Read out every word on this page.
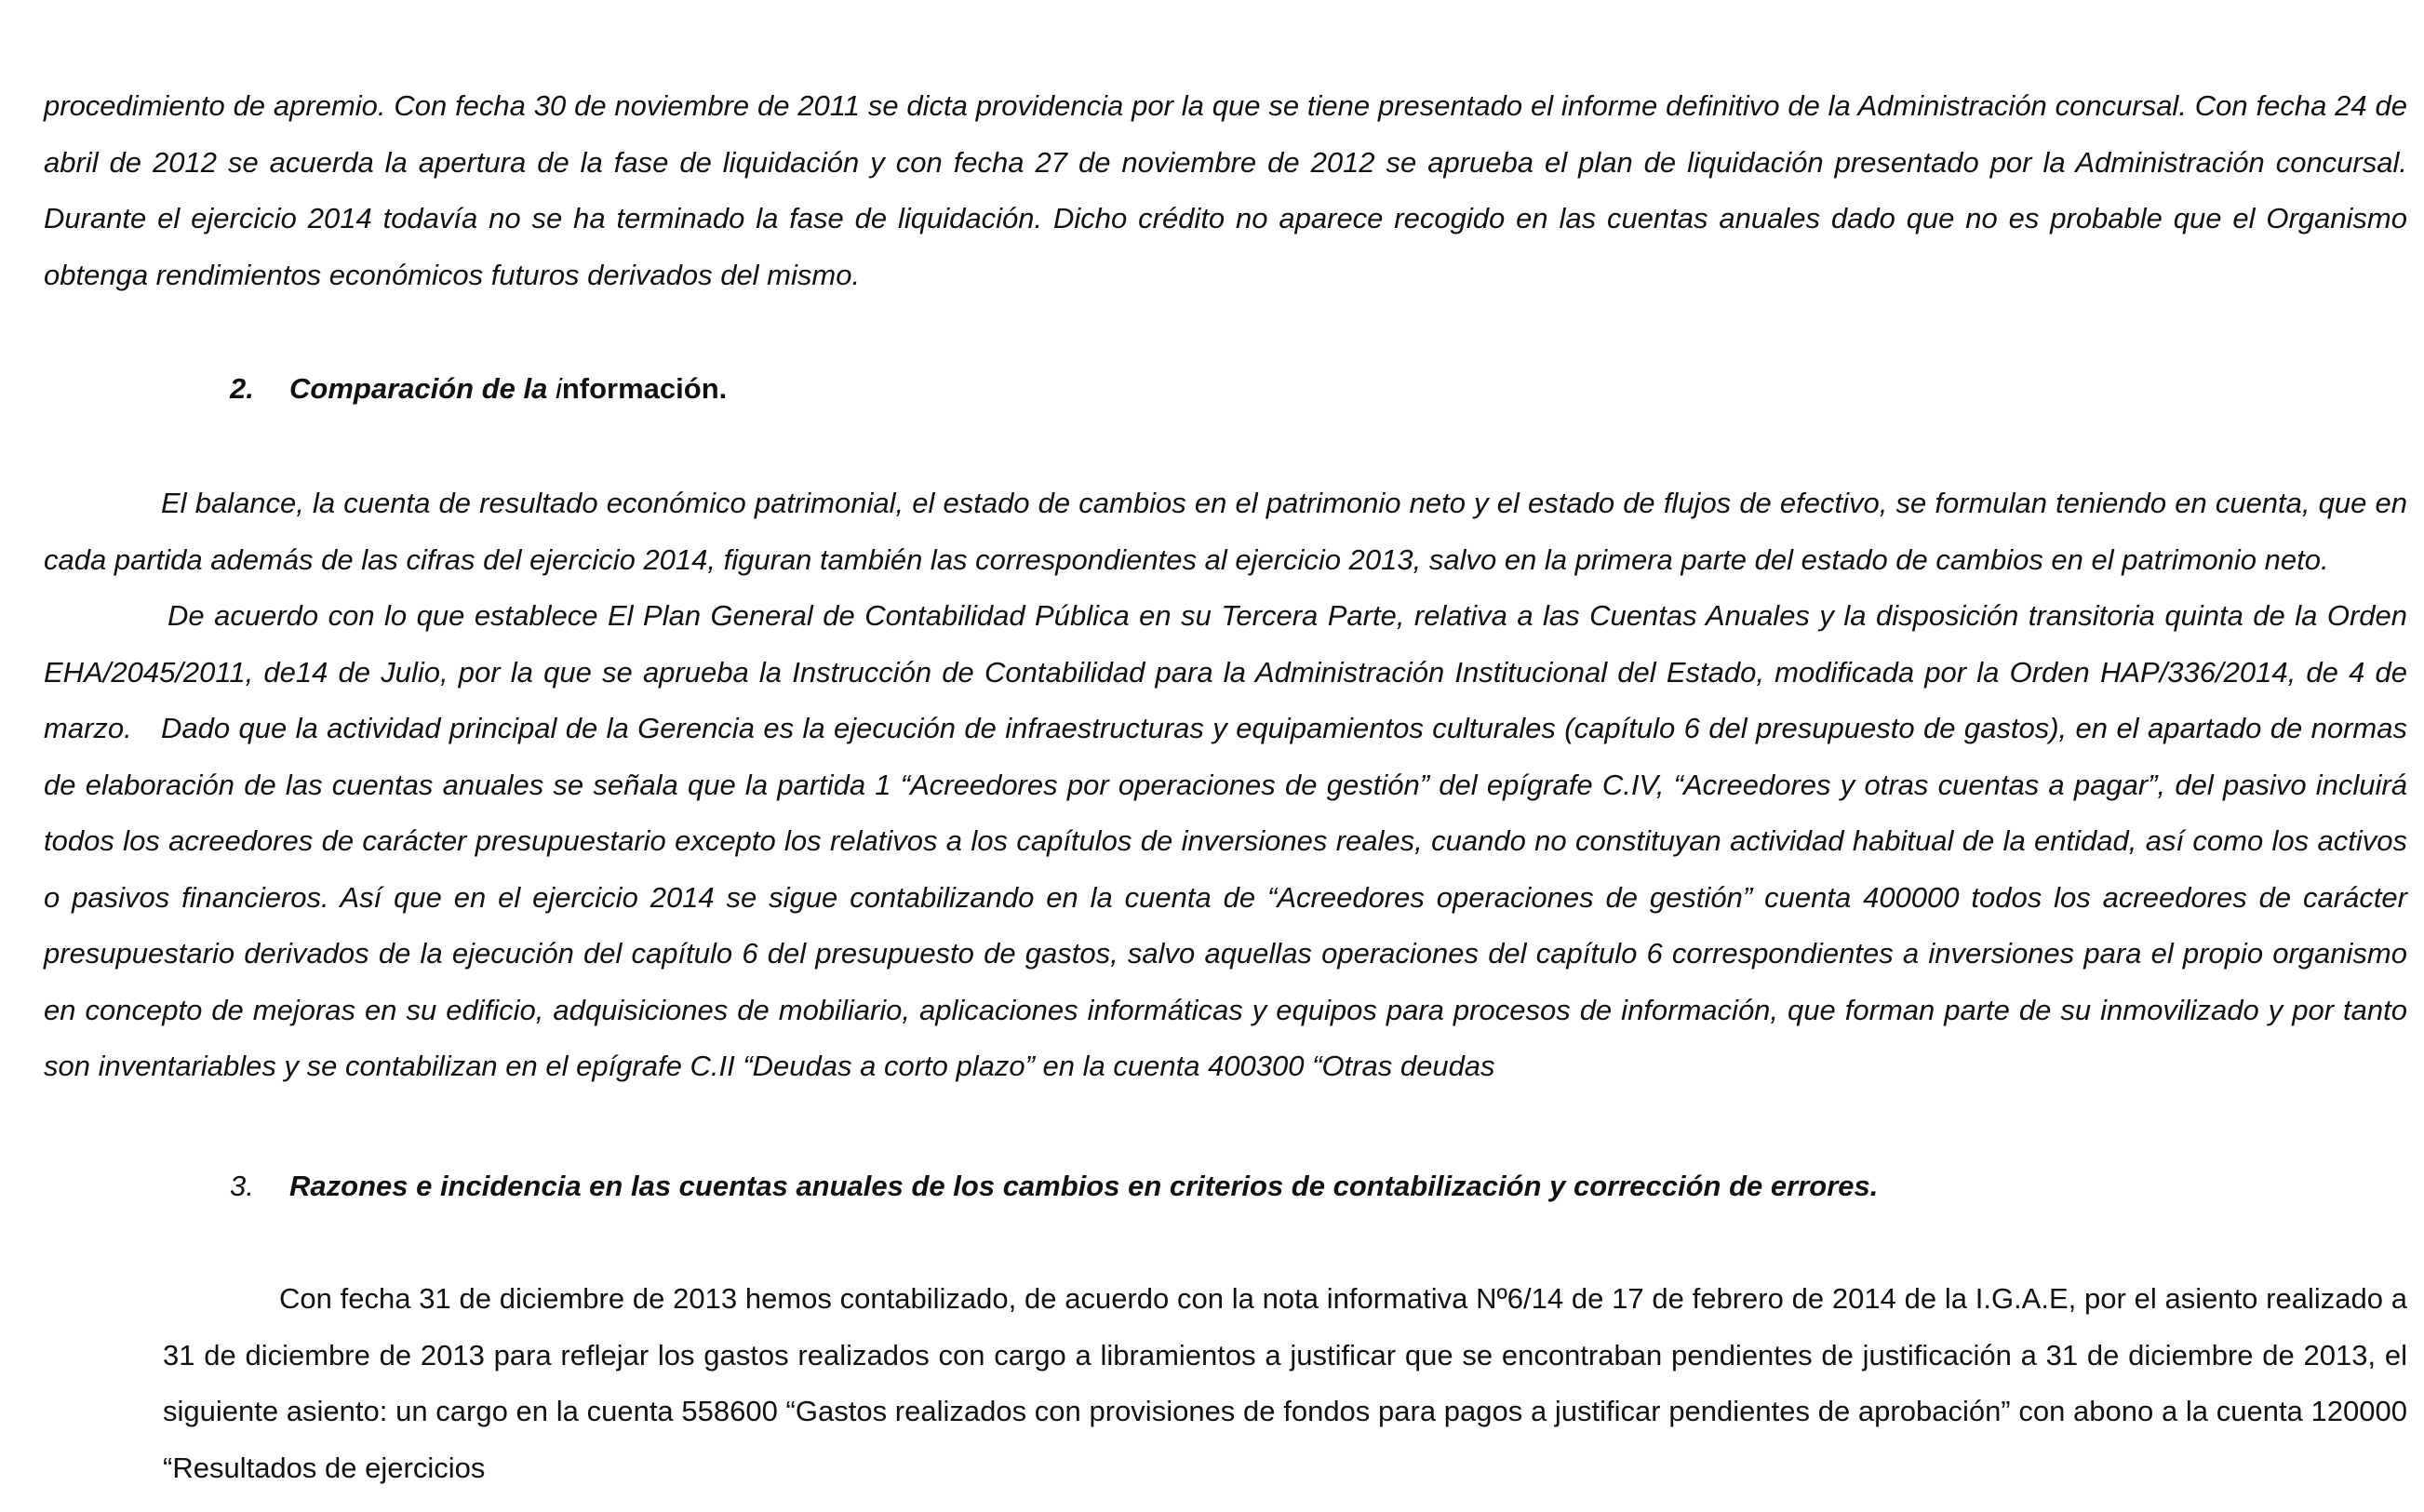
procedimiento de apremio. Con fecha 30 de noviembre de 2011 se dicta providencia por la que se tiene presentado el informe definitivo de la Administración concursal. Con fecha 24 de abril de 2012 se acuerda la apertura de la fase de liquidación y con fecha 27 de noviembre de 2012 se aprueba el plan de liquidación presentado por la Administración concursal. Durante el ejercicio 2014 todavía no se ha terminado la fase de liquidación. Dicho crédito no aparece recogido en las cuentas anuales dado que no es probable que el Organismo obtenga rendimientos económicos futuros derivados del mismo.

2. Comparación de la información.

El balance, la cuenta de resultado económico patrimonial, el estado de cambios en el patrimonio neto y el estado de flujos de efectivo, se formulan teniendo en cuenta, que en cada partida además de las cifras del ejercicio 2014, figuran también las correspondientes al ejercicio 2013, salvo en la primera parte del estado de cambios en el patrimonio neto.

De acuerdo con lo que establece El Plan General de Contabilidad Pública en su Tercera Parte, relativa a las Cuentas Anuales y la disposición transitoria quinta de la Orden EHA/2045/2011, de14 de Julio, por la que se aprueba la Instrucción de Contabilidad para la Administración Institucional del Estado, modificada por la Orden HAP/336/2014, de 4 de marzo.	Dado que la actividad principal de la Gerencia es la ejecución de infraestructuras y equipamientos culturales (capítulo 6 del presupuesto de gastos), en el apartado de normas de elaboración de las cuentas anuales se señala que la partida 1 “Acreedores por operaciones de gestión” del epígrafe C.IV, “Acreedores y otras cuentas a pagar”, del pasivo incluirá todos los acreedores de carácter presupuestario excepto los relativos a los capítulos de inversiones reales, cuando no constituyan actividad habitual de la entidad, así como los activos o pasivos financieros. Así que en el ejercicio 2014 se sigue contabilizando en la cuenta de “Acreedores operaciones de gestión” cuenta 400000 todos los acreedores de carácter presupuestario derivados de la ejecución del capítulo 6 del presupuesto de gastos, salvo aquellas operaciones del capítulo 6 correspondientes a inversiones para el propio organismo en concepto de mejoras en su edificio, adquisiciones de mobiliario, aplicaciones informáticas y equipos para procesos de información, que forman parte de su inmovilizado y por tanto son inventariables y se contabilizan en el epígrafe C.II “Deudas a corto plazo” en la cuenta 400300 “Otras deudas

3. Razones e incidencia en las cuentas anuales de los cambios en criterios de contabilización y corrección de errores.

Con fecha 31 de diciembre de 2013 hemos contabilizado, de acuerdo con la nota informativa Nº6/14 de 17 de febrero de 2014 de la I.G.A.E, por el asiento realizado a 31 de diciembre de 2013 para reflejar los gastos realizados con cargo a libramientos a justificar que se encontraban pendientes de justificación a 31 de diciembre de 2013, el siguiente asiento: un cargo en la cuenta 558600 “Gastos realizados con provisiones de fondos para pagos a justificar pendientes de aprobación” con abono a la cuenta 120000 “Resultados de ejercicios
